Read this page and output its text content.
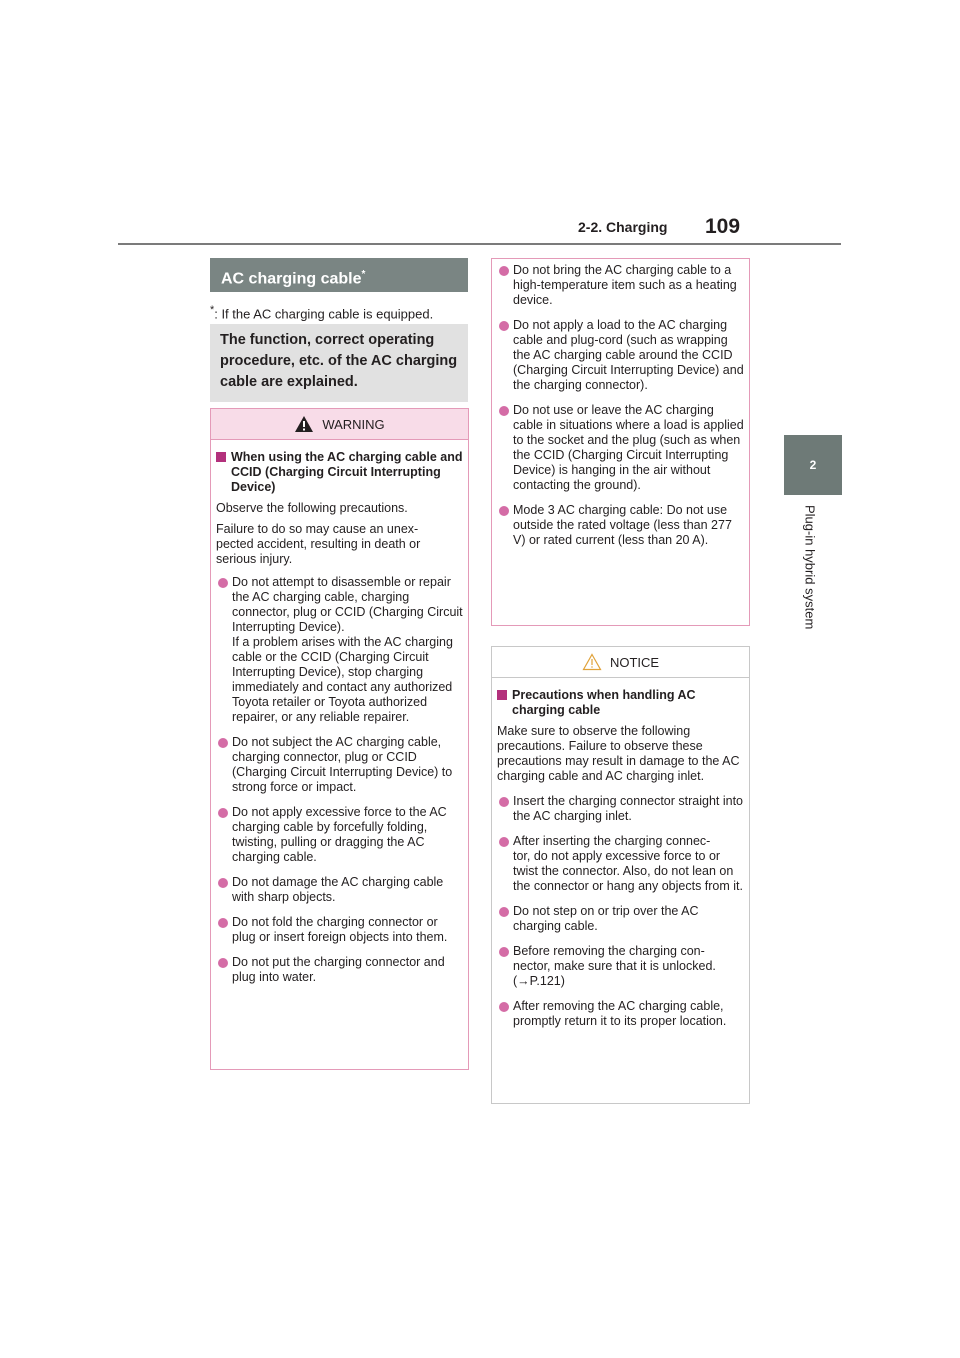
2-2. Charging 109
2
Plug-in hybrid system
AC charging cable*
*: If the AC charging cable is equipped.
The function, correct operating procedure, etc. of the AC charging cable are explained.
WARNING
When using the AC charging cable and CCID (Charging Circuit Interrupting Device)
Observe the following precautions.
Failure to do so may cause an unex-
pected accident, resulting in death or serious injury.
Do not attempt to disassemble or repair the AC charging cable, charging connector, plug or CCID (Charging Circuit Interrupting Device).
If a problem arises with the AC charging cable or the CCID (Charging Circuit Interrupting Device), stop charging immediately and contact any authorized Toyota retailer or Toyota authorized repairer, or any reliable repairer.
Do not subject the AC charging cable, charging connector, plug or CCID (Charging Circuit Interrupting Device) to strong force or impact.
Do not apply excessive force to the AC charging cable by forcefully folding, twisting, pulling or dragging the AC charging cable.
Do not damage the AC charging cable with sharp objects.
Do not fold the charging connector or plug or insert foreign objects into them.
Do not put the charging connector and plug into water.
Do not bring the AC charging cable to a high-temperature item such as a heating device.
Do not apply a load to the AC charging cable and plug-cord (such as wrapping the AC charging cable around the CCID (Charging Circuit Interrupting Device) and the charging connector).
Do not use or leave the AC charging cable in situations where a load is applied to the socket and the plug (such as when the CCID (Charging Circuit Interrupting Device) is hanging in the air without contacting the ground).
Mode 3 AC charging cable: Do not use outside the rated voltage (less than 277 V) or rated current (less than 20 A).
NOTICE
Precautions when handling AC charging cable
Make sure to observe the following precautions. Failure to observe these precautions may result in damage to the AC charging cable and AC charging inlet.
Insert the charging connector straight into the AC charging inlet.
After inserting the charging connec-
tor, do not apply excessive force to or twist the connector. Also, do not lean on the connector or hang any objects from it.
Do not step on or trip over the AC charging cable.
Before removing the charging con-
nector, make sure that it is unlocked. (→P.121)
After removing the AC charging cable, promptly return it to its proper location.
